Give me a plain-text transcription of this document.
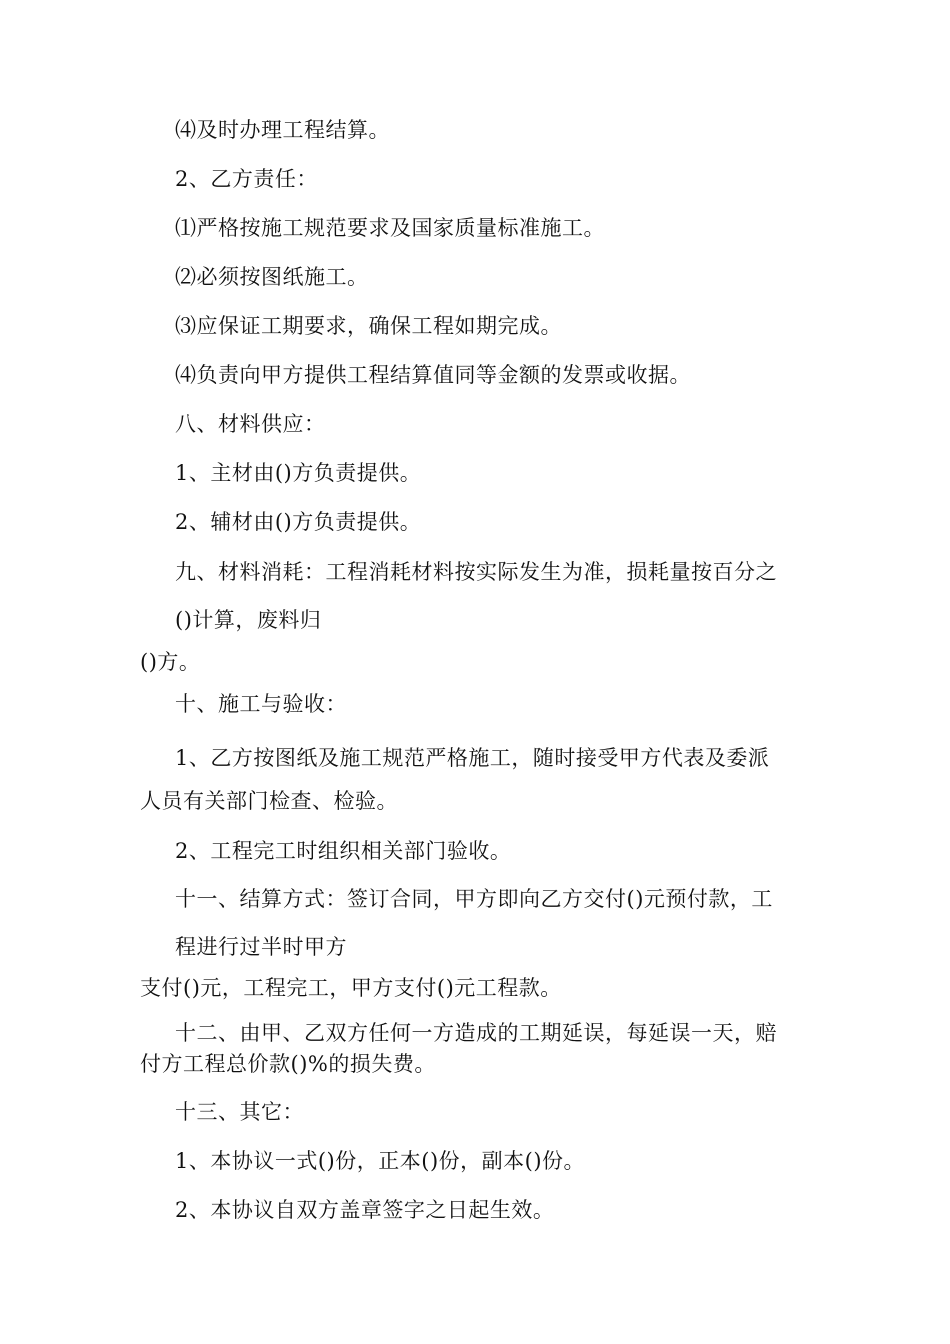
⑷及时办理工程结算。
2、乙方责任：
⑴严格按施工规范要求及国家质量标准施工。
⑵必须按图纸施工。
⑶应保证工期要求，确保工程如期完成。
⑷负责向甲方提供工程结算值同等金额的发票或收据。
八、材料供应：
1、主材由()方负责提供。
2、辅材由()方负责提供。
九、材料消耗：工程消耗材料按实际发生为准，损耗量按百分之
()计算，废料归
()方。
十、施工与验收：
1、乙方按图纸及施工规范严格施工，随时接受甲方代表及委派
人员有关部门检查、检验。
2、工程完工时组织相关部门验收。
十一、结算方式：签订合同，甲方即向乙方交付()元预付款，工
程进行过半时甲方
支付()元，工程完工，甲方支付()元工程款。
十二、由甲、乙双方任何一方造成的工期延误，每延误一天，赔
付方工程总价款()%的损失费。
十三、其它：
1、本协议一式()份，正本()份，副本()份。
2、本协议自双方盖章签字之日起生效。
